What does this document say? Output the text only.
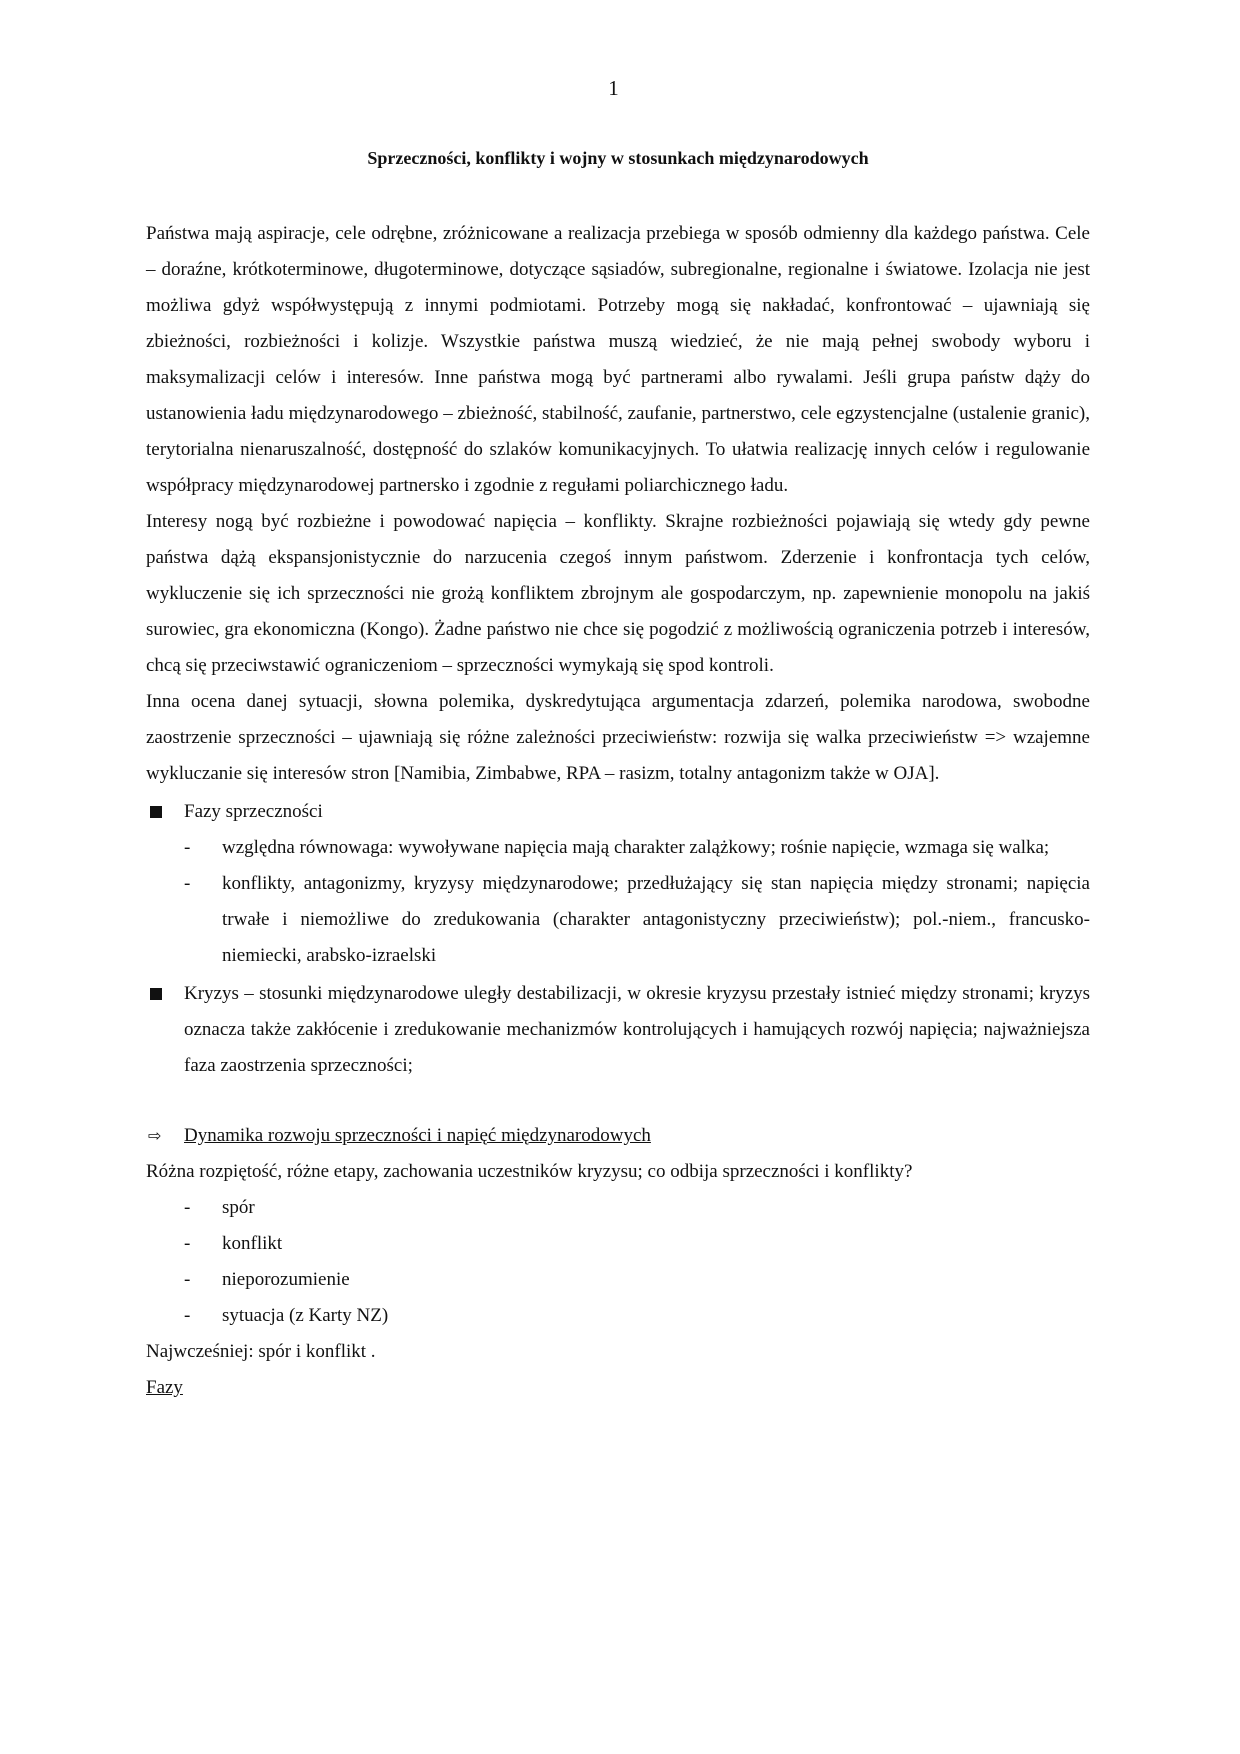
1
Sprzeczności, konflikty i wojny w stosunkach międzynarodowych

Państwa mają aspiracje, cele odrębne, zróżnicowane a realizacja przebiega w sposób odmienny dla każdego państwa. Cele – doraźne, krótkoterminowe, długoterminowe, dotyczące sąsiadów, subregionalne, regionalne i światowe. Izolacja nie jest możliwa gdyż współwystępują z innymi podmiotami. Potrzeby mogą się nakładać, konfrontować – ujawniają się zbieżności, rozbieżności i kolizje. Wszystkie państwa muszą wiedzieć, że nie mają pełnej swobody wyboru i maksymalizacji celów i interesów. Inne państwa mogą być partnerami albo rywalami. Jeśli grupa państw dąży do ustanowienia ładu międzynarodowego – zbieżność, stabilność, zaufanie, partnerstwo, cele egzystencjalne (ustalenie granic), terytorialna nienaruszalność, dostępność do szlaków komunikacyjnych. To ułatwia realizację innych celów i regulowanie współpracy międzynarodowej partnersko i zgodnie z regułami poliarchicznego ładu.

Interesy nogą być rozbieżne i powodować napięcia – konflikty. Skrajne rozbieżności pojawiają się wtedy gdy pewne państwa dążą ekspansjonistycznie do narzucenia czegoś innym państwom. Zderzenie i konfrontacja tych celów, wykluczenie się ich sprzeczności nie grożą konfliktem zbrojnym ale gospodarczym, np. zapewnienie monopolu na jakiś surowiec, gra ekonomiczna (Kongo). Żadne państwo nie chce się pogodzić z możliwością ograniczenia potrzeb i interesów, chcą się przeciwstawić ograniczeniom – sprzeczności wymykają się spod kontroli.

Inna ocena danej sytuacji, słowna polemika, dyskredytująca argumentacja zdarzeń, polemika narodowa, swobodne zaostrzenie sprzeczności – ujawniają się różne zależności przeciwieństw: rozwija się walka przeciwieństw => wzajemne wykluczanie się interesów stron [Namibia, Zimbabwe, RPA – rasizm, totalny antagonizm także w OJA].

Fazy sprzeczności
- względna równowaga: wywoływane napięcia mają charakter zalążkowy; rośnie napięcie, wzmaga się walka;
- konflikty, antagonizmy, kryzysy międzynarodowe; przedłużający się stan napięcia między stronami; napięcia trwałe i niemożliwe do zredukowania (charakter antagonistyczny przeciwieństw); pol.-niem., francusko-niemiecki, arabsko-izraelski
Kryzys – stosunki międzynarodowe uległy destabilizacji, w okresie kryzysu przestały istnieć między stronami; kryzys oznacza także zakłócenie i zredukowanie mechanizmów kontrolujących i hamujących rozwój napięcia; najważniejsza faza zaostrzenia sprzeczności;
⇨ Dynamika rozwoju sprzeczności i napięć międzynarodowych
Różna rozpiętość, różne etapy, zachowania uczestników kryzysu; co odbija sprzeczności i konflikty?
- spór
- konflikt
- nieporozumienie
- sytuacja (z Karty NZ)
Najwcześniej: spór i konflikt .
Fazy
